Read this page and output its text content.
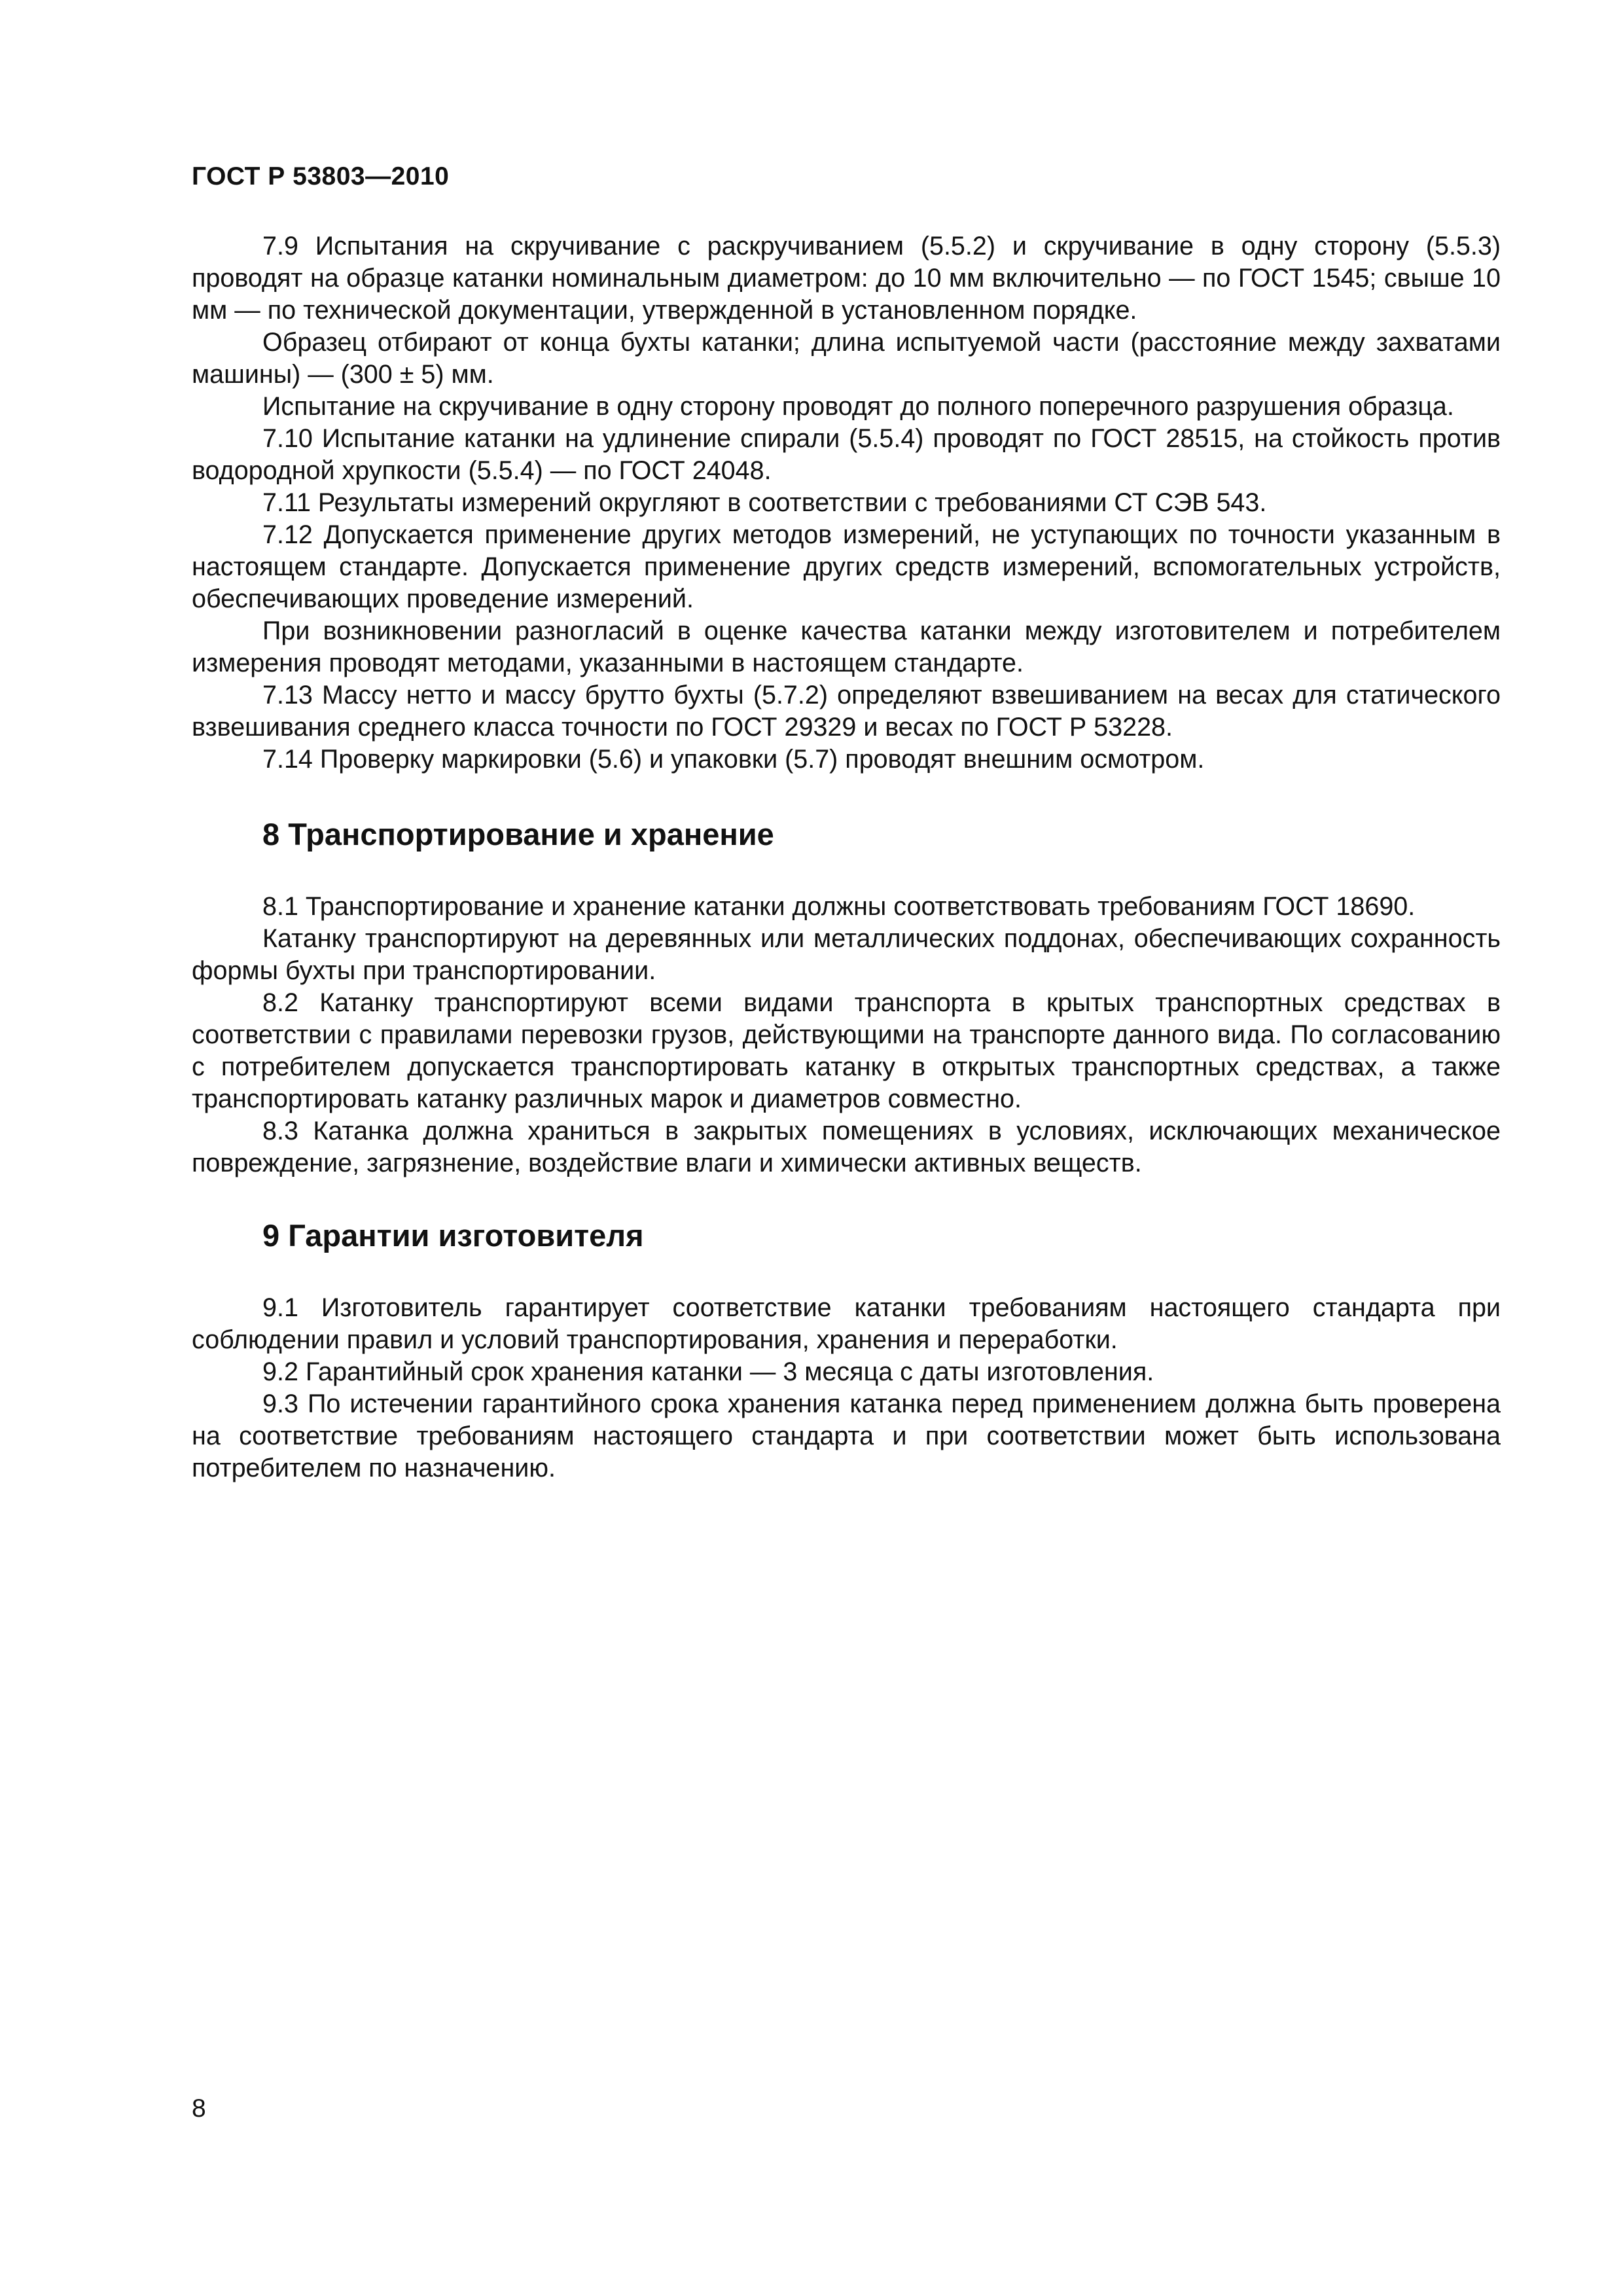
ГОСТ Р 53803—2010

7.9 Испытания на скручивание с раскручиванием (5.5.2) и скручивание в одну сторону (5.5.3) проводят на образце катанки номинальным диаметром: до 10 мм включительно — по ГОСТ 1545; свыше 10 мм — по технической документации, утвержденной в установленном порядке.

Образец отбирают от конца бухты катанки; длина испытуемой части (расстояние между захватами машины) — (300 ± 5) мм.

Испытание на скручивание в одну сторону проводят до полного поперечного разрушения образца.

7.10 Испытание катанки на удлинение спирали (5.5.4) проводят по ГОСТ 28515, на стойкость против водородной хрупкости (5.5.4) — по ГОСТ 24048.

7.11 Результаты измерений округляют в соответствии с требованиями СТ СЭВ 543.

7.12 Допускается применение других методов измерений, не уступающих по точности указанным в настоящем стандарте. Допускается применение других средств измерений, вспомогательных устройств, обеспечивающих проведение измерений.

При возникновении разногласий в оценке качества катанки между изготовителем и потребителем измерения проводят методами, указанными в настоящем стандарте.

7.13 Массу нетто и массу брутто бухты (5.7.2) определяют взвешиванием на весах для статического взвешивания среднего класса точности по ГОСТ 29329 и весах по ГОСТ Р 53228.

7.14 Проверку маркировки (5.6) и упаковки (5.7) проводят внешним осмотром.

8 Транспортирование и хранение

8.1 Транспортирование и хранение катанки должны соответствовать требованиям ГОСТ 18690.

Катанку транспортируют на деревянных или металлических поддонах, обеспечивающих сохранность формы бухты при транспортировании.

8.2 Катанку транспортируют всеми видами транспорта в крытых транспортных средствах в соответствии с правилами перевозки грузов, действующими на транспорте данного вида. По согласованию с потребителем допускается транспортировать катанку в открытых транспортных средствах, а также транспортировать катанку различных марок и диаметров совместно.

8.3 Катанка должна храниться в закрытых помещениях в условиях, исключающих механическое повреждение, загрязнение, воздействие влаги и химически активных веществ.

9 Гарантии изготовителя

9.1 Изготовитель гарантирует соответствие катанки требованиям настоящего стандарта при соблюдении правил и условий транспортирования, хранения и переработки.

9.2 Гарантийный срок хранения катанки — 3 месяца с даты изготовления.

9.3 По истечении гарантийного срока хранения катанка перед применением должна быть проверена на соответствие требованиям настоящего стандарта и при соответствии может быть использована потребителем по назначению.

8
